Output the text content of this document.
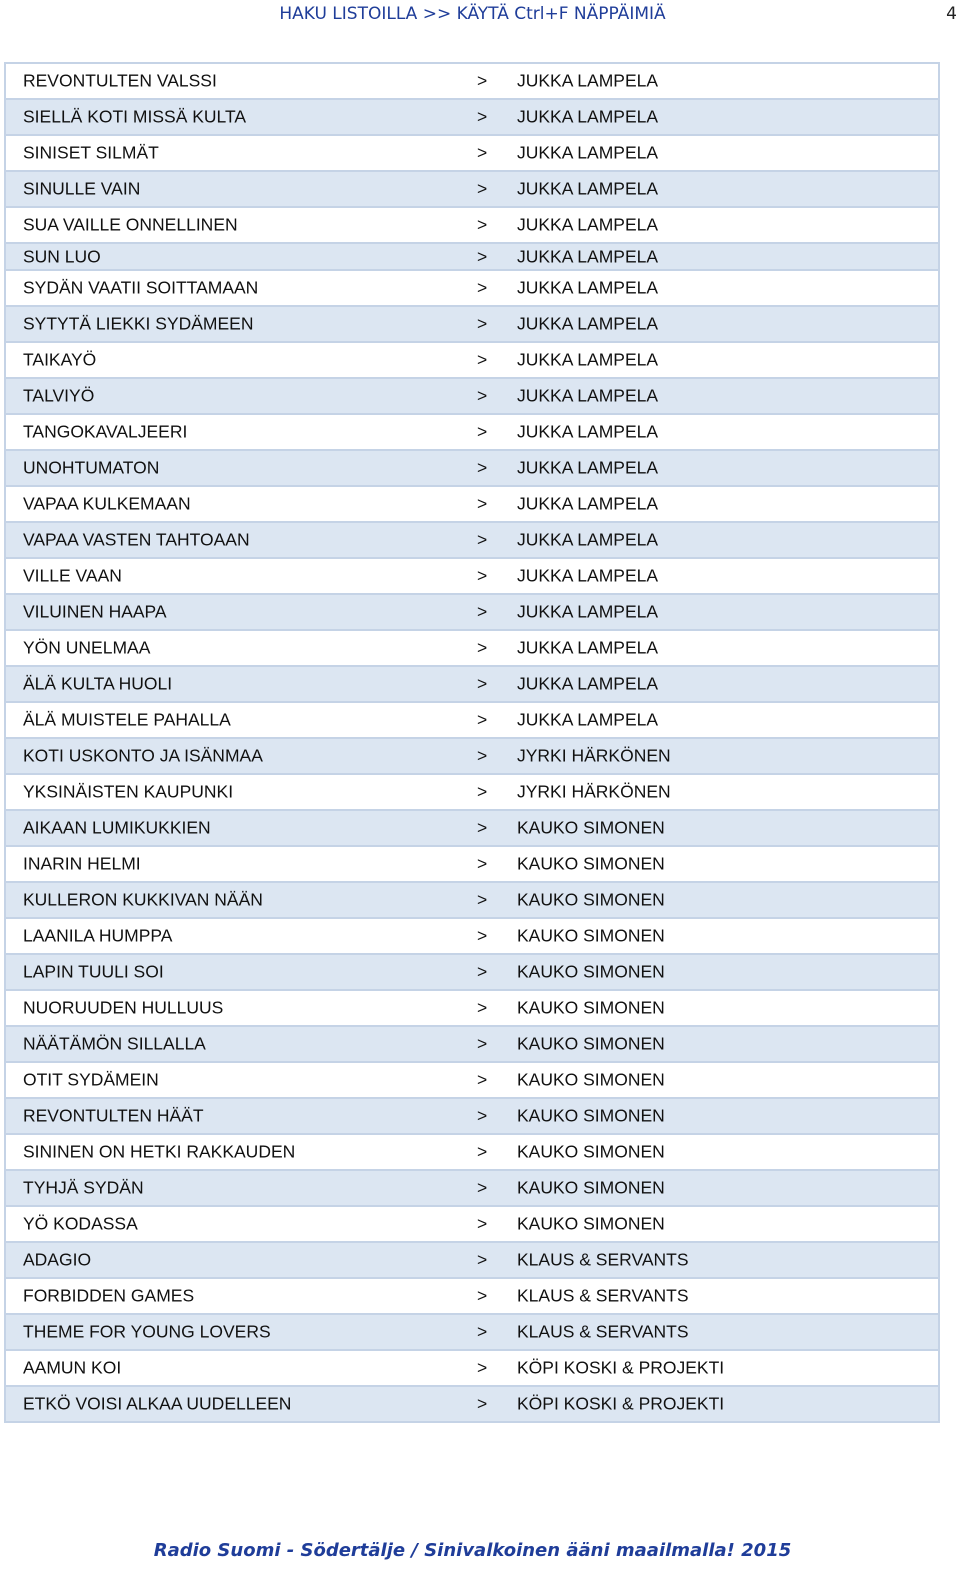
HAKU LISTOILLA >> KÄYTÄ Ctrl+F NÄPPÄIMIÄ	4
REVONTULTEN VALSSI	> JUKKA LAMPELA
SIELLÄ KOTI MISSÄ KULTA	> JUKKA LAMPELA
SINISET SILMÄT	> JUKKA LAMPELA
SINULLE VAIN	> JUKKA LAMPELA
SUA VAILLE ONNELLINEN	> JUKKA LAMPELA
SUN LUO	> JUKKA LAMPELA
SYDÄN VAATII SOITTAMAAN	> JUKKA LAMPELA
SYTYTÄ LIEKKI SYDÄMEEN	> JUKKA LAMPELA
TAIKAYÖ	> JUKKA LAMPELA
TALVIYÖ	> JUKKA LAMPELA
TANGOKAVALJEERI	> JUKKA LAMPELA
UNOHTUMATON	> JUKKA LAMPELA
VAPAA KULKEMAAN	> JUKKA LAMPELA
VAPAA VASTEN TAHTOAAN	> JUKKA LAMPELA
VILLE VAAN	> JUKKA LAMPELA
VILUINEN HAAPA	> JUKKA LAMPELA
YÖN UNELMAA	> JUKKA LAMPELA
ÄLÄ KULTA HUOLI	> JUKKA LAMPELA
ÄLÄ MUISTELE PAHALLA	> JUKKA LAMPELA
KOTI USKONTO JA ISÄNMAA	> JYRKI HÄRKÖNEN
YKSINÄISTEN KAUPUNKI	> JYRKI HÄRKÖNEN
AIKAAN LUMIKUKKIEN	> KAUKO SIMONEN
INARIN HELMI	> KAUKO SIMONEN
KULLERON KUKKIVAN NÄÄN	> KAUKO SIMONEN
LAANILA HUMPPA	> KAUKO SIMONEN
LAPIN TUULI SOI	> KAUKO SIMONEN
NUORUUDEN HULLUUS	> KAUKO SIMONEN
NÄÄTÄMÖN SILLALLA	> KAUKO SIMONEN
OTIT SYDÄMEIN	> KAUKO SIMONEN
REVONTULTEN HÄÄT	> KAUKO SIMONEN
SININEN ON HETKI RAKKAUDEN	> KAUKO SIMONEN
TYHJÄ SYDÄN	> KAUKO SIMONEN
YÖ KODASSA	> KAUKO SIMONEN
ADAGIO	> KLAUS & SERVANTS
FORBIDDEN GAMES	> KLAUS & SERVANTS
THEME FOR YOUNG LOVERS	> KLAUS & SERVANTS
AAMUN KOI	> KÖPI KOSKI & PROJEKTI
ETKÖ VOISI ALKAA UUDELLEEN	> KÖPI KOSKI & PROJEKTI
Radio Suomi - Södertälje / Sinivalkoinen ääni maailmalla! 2015
